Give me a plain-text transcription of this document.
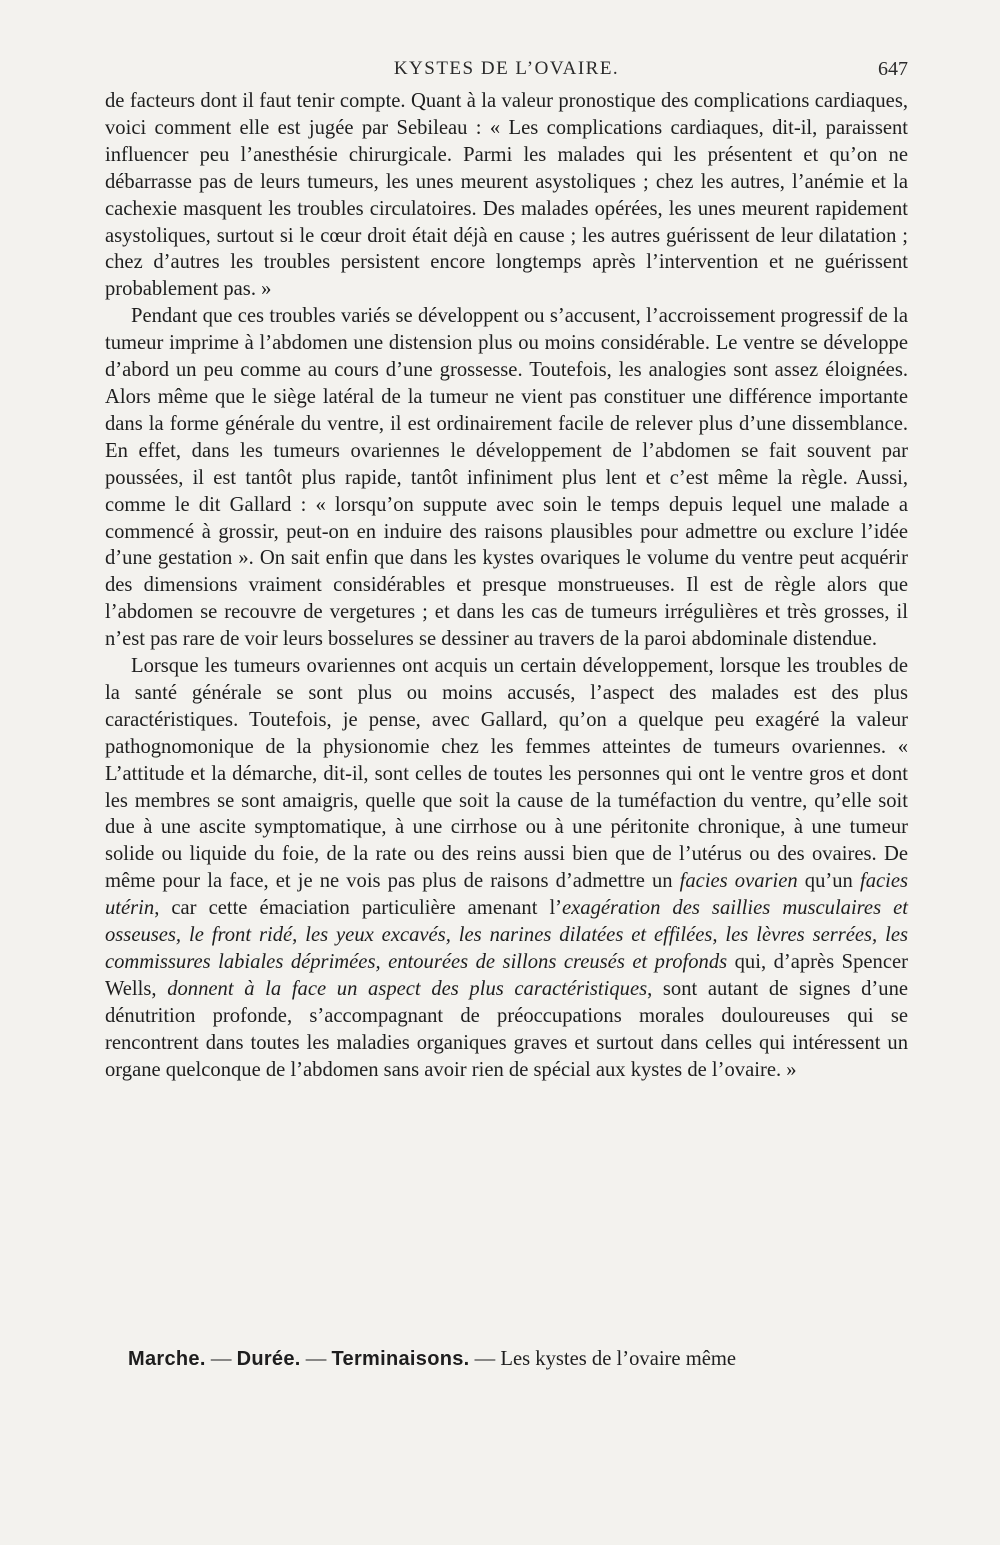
KYSTES DE L’OVAIRE.	647

de facteurs dont il faut tenir compte. Quant à la valeur pronostique des complications cardiaques, voici comment elle est jugée par Sebileau : « Les complications cardiaques, dit-il, paraissent influencer peu l’anesthésie chirurgicale. Parmi les malades qui les présentent et qu’on ne débarrasse pas de leurs tumeurs, les unes meurent asystoliques ; chez les autres, l’anémie et la cachexie masquent les troubles circulatoires. Des malades opérées, les unes meurent rapidement asystoliques, surtout si le cœur droit était déjà en cause ; les autres guérissent de leur dilatation ; chez d’autres les troubles persistent encore longtemps après l’intervention et ne guérissent probablement pas. »

Pendant que ces troubles variés se développent ou s’accusent, l’accroissement progressif de la tumeur imprime à l’abdomen une distension plus ou moins considérable. Le ventre se développe d’abord un peu comme au cours d’une grossesse. Toutefois, les analogies sont assez éloignées. Alors même que le siège latéral de la tumeur ne vient pas constituer une différence importante dans la forme générale du ventre, il est ordinairement facile de relever plus d’une dissemblance. En effet, dans les tumeurs ovariennes le développement de l’abdomen se fait souvent par poussées, il est tantôt plus rapide, tantôt infiniment plus lent et c’est même la règle. Aussi, comme le dit Gallard : « lorsqu’on suppute avec soin le temps depuis lequel une malade a commencé à grossir, peut-on en induire des raisons plausibles pour admettre ou exclure l’idée d’une gestation ». On sait enfin que dans les kystes ovariques le volume du ventre peut acquérir des dimensions vraiment considérables et presque monstrueuses. Il est de règle alors que l’abdomen se recouvre de vergetures ; et dans les cas de tumeurs irrégulières et très grosses, il n’est pas rare de voir leurs bosselures se dessiner au travers de la paroi abdominale distendue.

Lorsque les tumeurs ovariennes ont acquis un certain développement, lorsque les troubles de la santé générale se sont plus ou moins accusés, l’aspect des malades est des plus caractéristiques. Toutefois, je pense, avec Gallard, qu’on a quelque peu exagéré la valeur pathognomonique de la physionomie chez les femmes atteintes de tumeurs ovariennes. « L’attitude et la démarche, dit-il, sont celles de toutes les personnes qui ont le ventre gros et dont les membres se sont amaigris, quelle que soit la cause de la tuméfaction du ventre, qu’elle soit due à une ascite symptomatique, à une cirrhose ou à une péritonite chronique, à une tumeur solide ou liquide du foie, de la rate ou des reins aussi bien que de l’utérus ou des ovaires. De même pour la face, et je ne vois pas plus de raisons d’admettre un facies ovarien qu’un facies utérin, car cette émaciation particulière amenant l’exagération des saillies musculaires et osseuses, le front ridé, les yeux excavés, les narines dilatées et effilées, les lèvres serrées, les commissures labiales déprimées, entourées de sillons creusés et profonds qui, d’après Spencer Wells, donnent à la face un aspect des plus caractéristiques, sont autant de signes d’une dénutrition profonde, s’accompagnant de préoccupations morales douloureuses qui se rencontrent dans toutes les maladies organiques graves et surtout dans celles qui intéressent un organe quelconque de l’abdomen sans avoir rien de spécial aux kystes de l’ovaire. »

Marche. — Durée. — Terminaisons. — Les kystes de l’ovaire même
